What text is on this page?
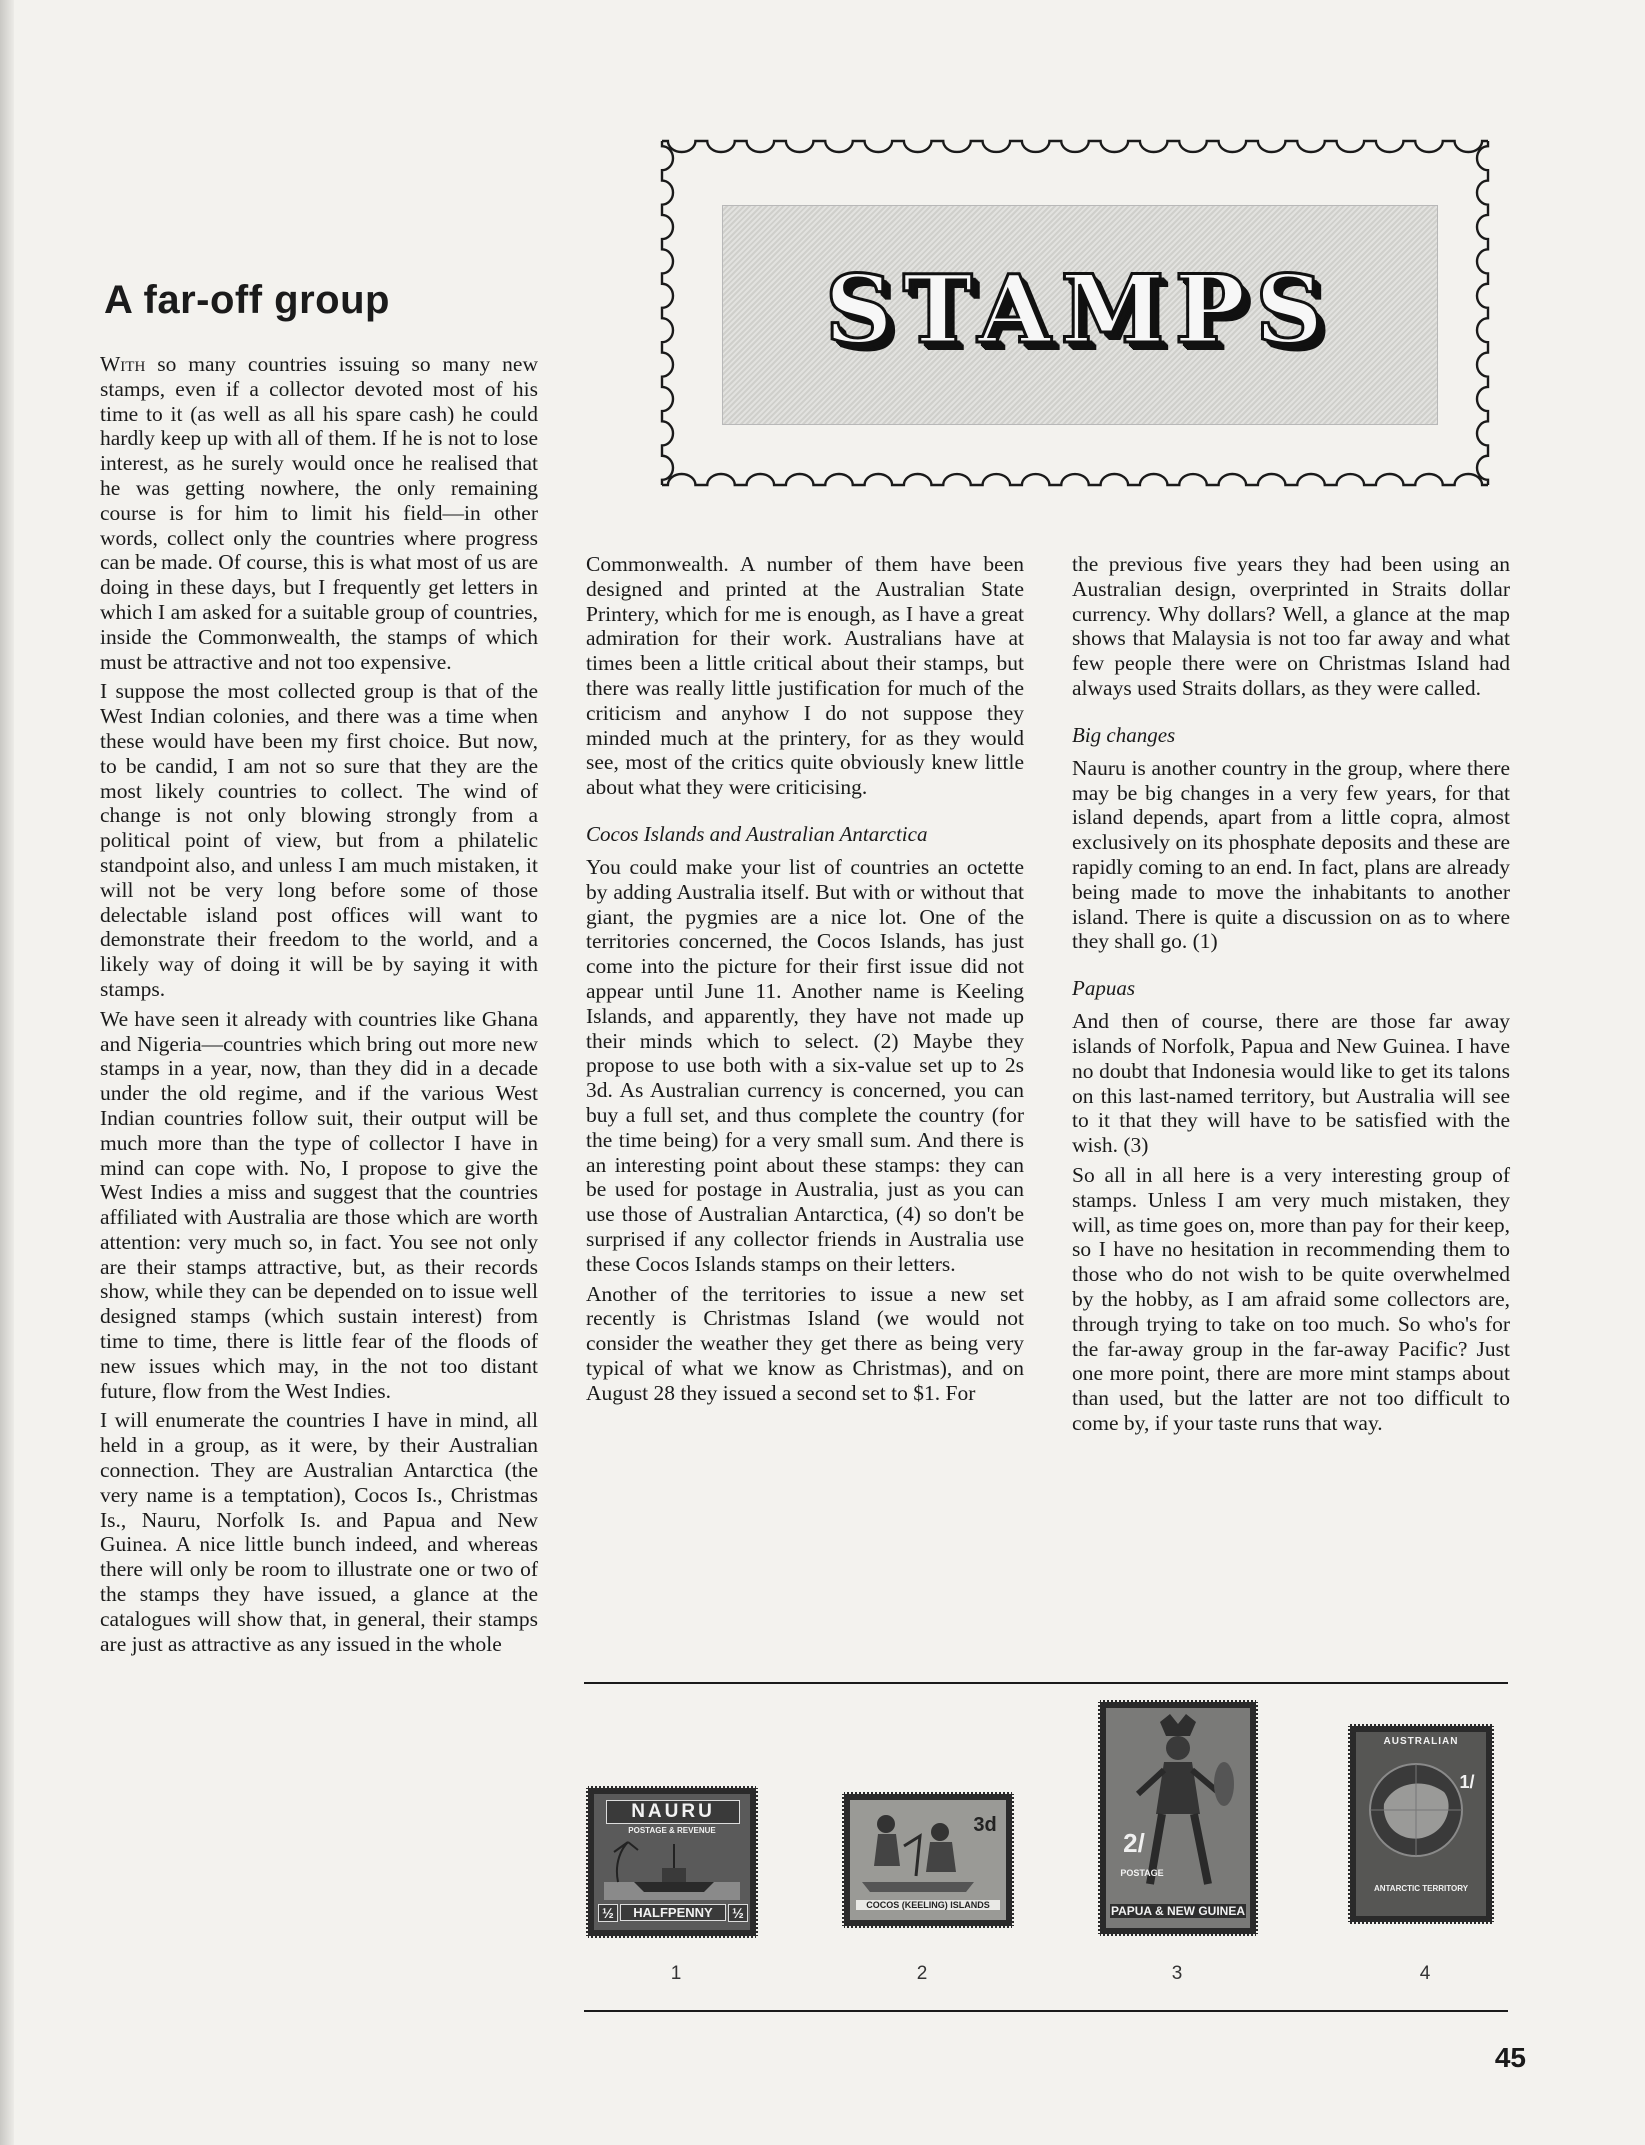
A far-off group

With so many countries issuing so many new stamps, even if a collector devoted most of his time to it (as well as all his spare cash) he could hardly keep up with all of them. If he is not to lose interest, as he surely would once he realised that he was getting nowhere, the only remaining course is for him to limit his field—in other words, collect only the countries where progress can be made. Of course, this is what most of us are doing in these days, but I frequently get letters in which I am asked for a suitable group of countries, inside the Commonwealth, the stamps of which must be attractive and not too expensive.

I suppose the most collected group is that of the West Indian colonies, and there was a time when these would have been my first choice. But now, to be candid, I am not so sure that they are the most likely countries to collect. The wind of change is not only blowing strongly from a political point of view, but from a philatelic standpoint also, and unless I am much mistaken, it will not be very long before some of those delectable island post offices will want to demonstrate their freedom to the world, and a likely way of doing it will be by saying it with stamps.

We have seen it already with countries like Ghana and Nigeria—countries which bring out more new stamps in a year, now, than they did in a decade under the old regime, and if the various West Indian countries follow suit, their output will be much more than the type of collector I have in mind can cope with. No, I propose to give the West Indies a miss and suggest that the countries affiliated with Australia are those which are worth attention: very much so, in fact. You see not only are their stamps attractive, but, as their records show, while they can be depended on to issue well designed stamps (which sustain interest) from time to time, there is little fear of the floods of new issues which may, in the not too distant future, flow from the West Indies.

I will enumerate the countries I have in mind, all held in a group, as it were, by their Australian connection. They are Australian Antarctica (the very name is a temptation), Cocos Is., Christmas Is., Nauru, Norfolk Is. and Papua and New Guinea. A nice little bunch indeed, and whereas there will only be room to illustrate one or two of the stamps they have issued, a glance at the catalogues will show that, in general, their stamps are just as attractive as any issued in the whole

STAMPS

Commonwealth. A number of them have been designed and printed at the Australian State Printery, which for me is enough, as I have a great admiration for their work. Australians have at times been a little critical about their stamps, but there was really little justification for much of the criticism and anyhow I do not suppose they minded much at the printery, for as they would see, most of the critics quite obviously knew little about what they were criticising.

Cocos Islands and Australian Antarctica

You could make your list of countries an octette by adding Australia itself. But with or without that giant, the pygmies are a nice lot. One of the territories concerned, the Cocos Islands, has just come into the picture for their first issue did not appear until June 11. Another name is Keeling Islands, and apparently, they have not made up their minds which to select. (2) Maybe they propose to use both with a six-value set up to 2s 3d. As Australian currency is concerned, you can buy a full set, and thus complete the country (for the time being) for a very small sum. And there is an interesting point about these stamps: they can be used for postage in Australia, just as you can use those of Australian Antarctica, (4) so don't be surprised if any collector friends in Australia use these Cocos Islands stamps on their letters.

Another of the territories to issue a new set recently is Christmas Island (we would not consider the weather they get there as being very typical of what we know as Christmas), and on August 28 they issued a second set to $1. For

the previous five years they had been using an Australian design, overprinted in Straits dollar currency. Why dollars? Well, a glance at the map shows that Malaysia is not too far away and what few people there were on Christmas Island had always used Straits dollars, as they were called.

Big changes

Nauru is another country in the group, where there may be big changes in a very few years, for that island depends, apart from a little copra, almost exclusively on its phosphate deposits and these are rapidly coming to an end. In fact, plans are already being made to move the inhabitants to another island. There is quite a discussion on as to where they shall go. (1)

Papuas

And then of course, there are those far away islands of Norfolk, Papua and New Guinea. I have no doubt that Indonesia would like to get its talons on this last-named territory, but Australia will see to it that they will have to be satisfied with the wish. (3)

So all in all here is a very interesting group of stamps. Unless I am very much mistaken, they will, as time goes on, more than pay for their keep, so I have no hesitation in recommending them to those who do not wish to be quite overwhelmed by the hobby, as I am afraid some collectors are, through trying to take on too much. So who's for the far-away group in the far-away Pacific? Just one more point, there are more mint stamps about than used, but the latter are not too difficult to come by, if your taste runs that way.

NAURU
POSTAGE & REVENUE
½	HALFPENNY	½
1
3d
COCOS (KEELING) ISLANDS
2
2/
POSTAGE
PAPUA & NEW GUINEA
3
AUSTRALIAN
1/
ANTARCTIC TERRITORY
4
45
